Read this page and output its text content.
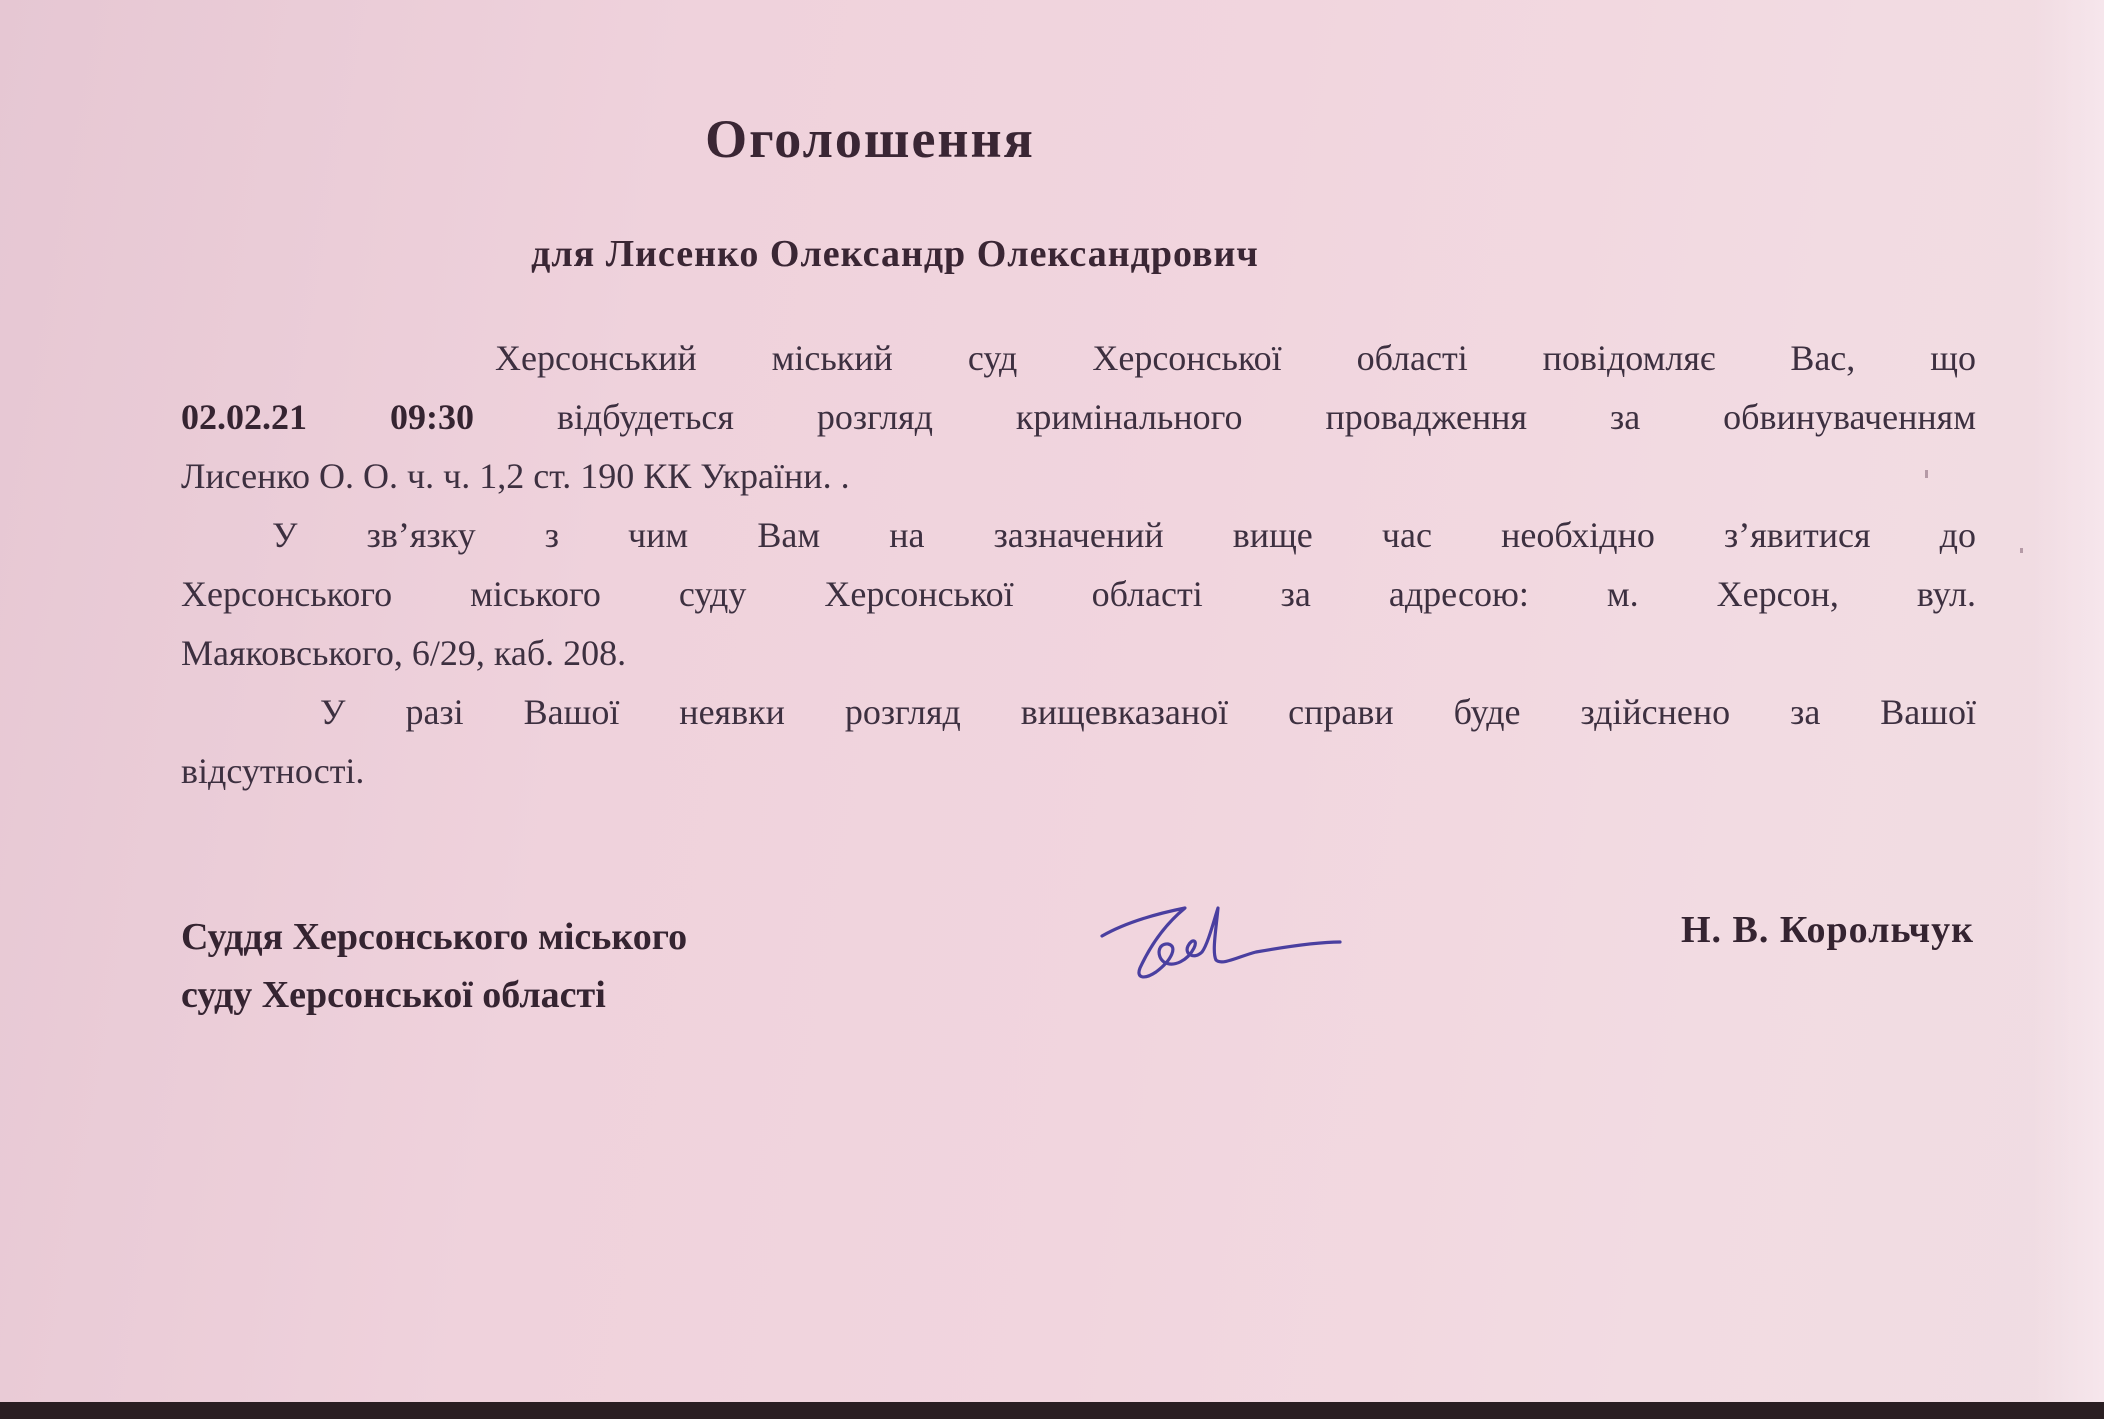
Оголошення
для Лисенко Олександр Олександрович
Херсонський міський суд Херсонської області повідомляє Вас, що
02.02.21 09:30 відбудеться розгляд кримінального провадження за обвинуваченням
Лисенко О. О. ч. ч. 1,2 ст. 190 КК України. .
У зв’язку з чим Вам на зазначений вище час необхідно з’явитися до
Херсонського міського суду Херсонської області за адресою: м. Херсон, вул.
Маяковського, 6/29, каб. 208.
У разі Вашої неявки розгляд вищевказаної справи буде здійснено за Вашої
відсутності.
Суддя Херсонського міського
суду Херсонської області
Н. В. Корольчук
